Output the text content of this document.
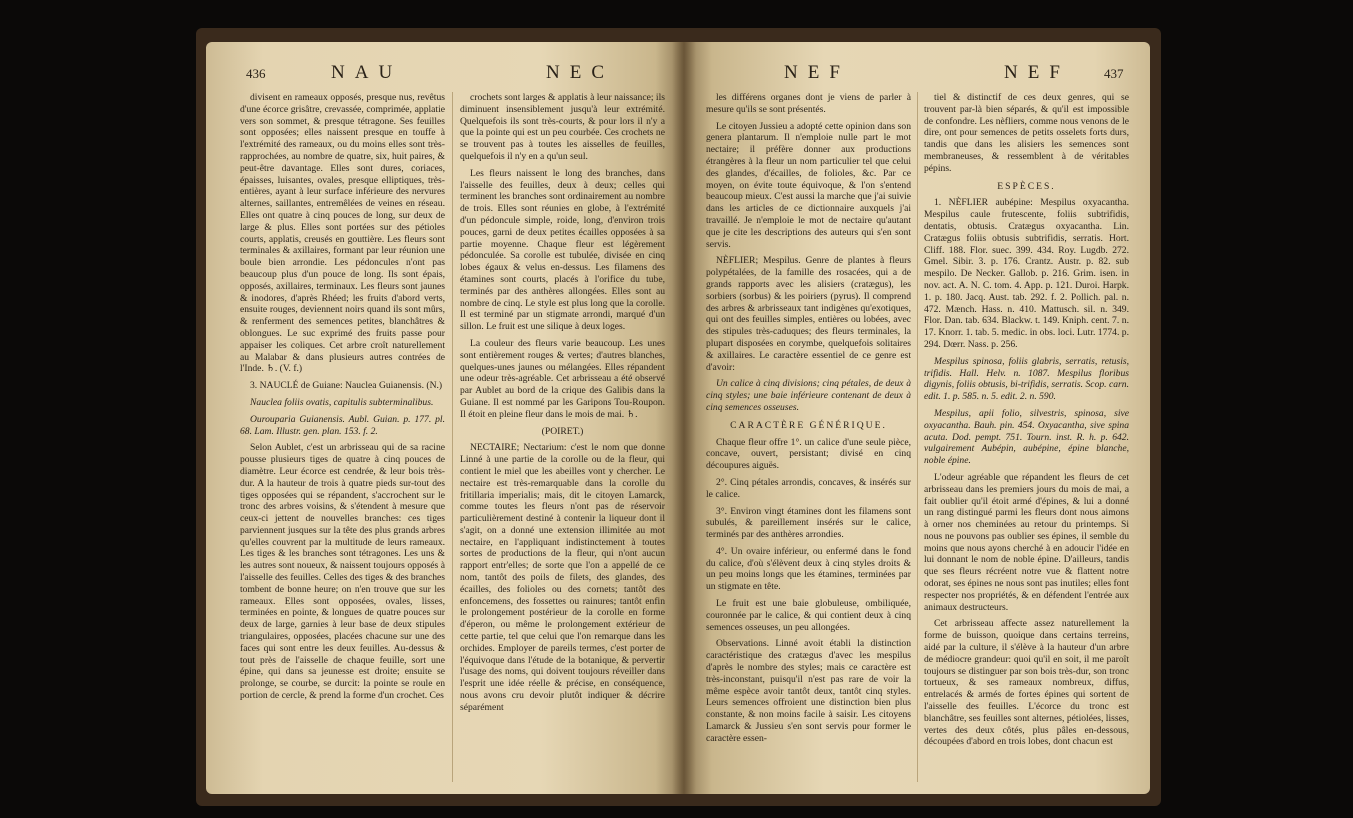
436	NAU	NEC

divisent en rameaux opposés, presque nus, revêtus d'une écorce grisâtre, crevassée, comprimée, applatie vers son sommet, & presque tétragone. Ses feuilles sont opposées; elles naissent presque en touffe à l'extrémité des rameaux, ou du moins elles sont très-rapprochées, au nombre de quatre, six, huit paires, & peut-être davantage. Elles sont dures, coriaces, épaisses, luisantes, ovales, presque elliptiques, très-entières, ayant à leur surface inférieure des nervures alternes, saillantes, entremêlées de veines en réseau. Elles ont quatre à cinq pouces de long, sur deux de large & plus. Elles sont portées sur des pétioles courts, applatis, creusés en gouttière. Les fleurs sont terminales & axillaires, formant par leur réunion une boule bien arrondie. Les pédoncules n'ont pas beaucoup plus d'un pouce de long. Ils sont épais, opposés, axillaires, terminaux. Les fleurs sont jaunes & inodores, d'après Rhéed; les fruits d'abord verts, ensuite rouges, deviennent noirs quand ils sont mûrs, & renferment des semences petites, blanchâtres & oblongues. Le suc exprimé des fruits passe pour appaiser les coliques. Cet arbre croît naturellement au Malabar & dans plusieurs autres contrées de l'Inde. ♄. (V. f.)

3. NAUCLÉ de Guiane: Nauclea Guianensis. (N.)

Nauclea foliis ovatis, capitulis subterminalibus.

Ourouparia Guianensis. Aubl. Guian. p. 177. pl. 68. Lam. Illustr. gen. plan. 153. f. 2.

Selon Aublet, c'est un arbrisseau qui de sa racine pousse plusieurs tiges de quatre à cinq pouces de diamètre. Leur écorce est cendrée, & leur bois très-dur. A la hauteur de trois à quatre pieds sur-tout des tiges opposées qui se répandent, s'accrochent sur le tronc des arbres voisins, & s'étendent à mesure que ceux-ci jettent de nouvelles branches: ces tiges parviennent jusques sur la tête des plus grands arbres qu'elles couvrent par la multitude de leurs rameaux. Les tiges & les branches sont tétragones. Les uns & les autres sont noueux, & naissent toujours opposés à l'aisselle des feuilles. Celles des tiges & des branches tombent de bonne heure; on n'en trouve que sur les rameaux. Elles sont opposées, ovales, lisses, terminées en pointe, & longues de quatre pouces sur deux de large, garnies à leur base de deux stipules triangulaires, opposées, placées chacune sur une des faces qui sont entre les deux feuilles. Au-dessus & tout près de l'aisselle de chaque feuille, sort une épine, qui dans sa jeunesse est droite; ensuite se prolonge, se courbe, se durcit: la pointe se roule en portion de cercle, & prend la forme d'un crochet. Ces

crochets sont larges & applatis à leur naissance; ils diminuent insensiblement jusqu'à leur extrémité. Quelquefois ils sont très-courts, & pour lors il n'y a que la pointe qui est un peu courbée. Ces crochets ne se trouvent pas à toutes les aisselles de feuilles, quelquefois il n'y en a qu'un seul.

Les fleurs naissent le long des branches, dans l'aisselle des feuilles, deux à deux; celles qui terminent les branches sont ordinairement au nombre de trois. Elles sont réunies en globe, à l'extrémité d'un pédoncule simple, roide, long, d'environ trois pouces, garni de deux petites écailles opposées à sa partie moyenne. Chaque fleur est légèrement pédonculée. Sa corolle est tubulée, divisée en cinq lobes égaux & velus en-dessus. Les filamens des étamines sont courts, placés à l'orifice du tube, terminés par des anthères allongées. Elles sont au nombre de cinq. Le style est plus long que la corolle. Il est terminé par un stigmate arrondi, marqué d'un sillon. Le fruit est une silique à deux loges.

La couleur des fleurs varie beaucoup. Les unes sont entièrement rouges & vertes; d'autres blanches, quelques-unes jaunes ou mélangées. Elles répandent une odeur très-agréable. Cet arbrisseau a été observé par Aublet au bord de la crique des Galibis dans la Guiane. Il est nommé par les Garipons Tou-Roupon. Il étoit en pleine fleur dans le mois de mai. ♄.

(POIRET.)

NECTAIRE; Nectarium: c'est le nom que donne Linné à une partie de la corolle ou de la fleur, qui contient le miel que les abeilles vont y chercher. Le nectaire est très-remarquable dans la corolle du fritillaria imperialis; mais, dit le citoyen Lamarck, comme toutes les fleurs n'ont pas de réservoir particulièrement destiné à contenir la liqueur dont il s'agit, on a donné une extension illimitée au mot nectaire, en l'appliquant indistinctement à toutes sortes de productions de la fleur, qui n'ont aucun rapport entr'elles; de sorte que l'on a appellé de ce nom, tantôt des poils de filets, des glandes, des écailles, des folioles ou des cornets; tantôt des enfoncemens, des fossettes ou rainures; tantôt enfin le prolongement postérieur de la corolle en forme d'éperon, ou même le prolongement extérieur de cette partie, tel que celui que l'on remarque dans les orchides. Employer de pareils termes, c'est porter de l'équivoque dans l'étude de la botanique, & pervertir l'usage des noms, qui doivent toujours réveiller dans l'esprit une idée réelle & précise, en conséquence, nous avons cru devoir plutôt indiquer & décrire séparément

NEF	NEF	437

les différens organes dont je viens de parler à mesure qu'ils se sont présentés.

Le citoyen Jussieu a adopté cette opinion dans son genera plantarum. Il n'emploie nulle part le mot nectaire; il préfère donner aux productions étrangères à la fleur un nom particulier tel que celui des glandes, d'écailles, de folioles, &c. Par ce moyen, on évite toute équivoque, & l'on s'entend beaucoup mieux. C'est aussi la marche que j'ai suivie dans les articles de ce dictionnaire auxquels j'ai travaillé. Je n'emploie le mot de nectaire qu'autant que je cite les descriptions des auteurs qui s'en sont servis.

NÈFLIER; Mespilus. Genre de plantes à fleurs polypétalées, de la famille des rosacées, qui a de grands rapports avec les alisiers (cratægus), les sorbiers (sorbus) & les poiriers (pyrus). Il comprend des arbres & arbrisseaux tant indigènes qu'exotiques, qui ont des feuilles simples, entières ou lobées, avec des stipules très-caduques; des fleurs terminales, la plupart disposées en corymbe, quelquefois solitaires & axillaires. Le caractère essentiel de ce genre est d'avoir:

Un calice à cinq divisions; cinq pétales, de deux à cinq styles; une baie inférieure contenant de deux à cinq semences osseuses.

CARACTÈRE GÉNÉRIQUE.

Chaque fleur offre 1°. un calice d'une seule pièce, concave, ouvert, persistant; divisé en cinq découpures aiguës.

2°. Cinq pétales arrondis, concaves, & insérés sur le calice.

3°. Environ vingt étamines dont les filamens sont subulés, & pareillement insérés sur le calice, terminés par des anthères arrondies.

4°. Un ovaire inférieur, ou enfermé dans le fond du calice, d'où s'élèvent deux à cinq styles droits & un peu moins longs que les étamines, terminées par un stigmate en tête.

Le fruit est une baie globuleuse, ombiliquée, couronnée par le calice, & qui contient deux à cinq semences osseuses, un peu allongées.

Observations. Linné avoit établi la distinction caractéristique des cratægus d'avec les mespilus d'après le nombre des styles; mais ce caractère est très-inconstant, puisqu'il n'est pas rare de voir la même espèce avoir tantôt deux, tantôt cinq styles. Leurs semences offroient une distinction bien plus constante, & non moins facile à saisir. Les citoyens Lamarck & Jussieu s'en sont servis pour former le caractère essen-

tiel & distinctif de ces deux genres, qui se trouvent par-là bien séparés, & qu'il est impossible de confondre. Les nèfliers, comme nous venons de le dire, ont pour semences de petits osselets forts durs, tandis que dans les alisiers les semences sont membraneuses, & ressemblent à de véritables pépins.

ESPÈCES.

1. NÈFLIER aubépine: Mespilus oxyacantha. Mespilus caule frutescente, foliis subtrifidis, dentatis, obtusis. Cratægus oxyacantha. Lin. Cratægus foliis obtusis subtrifidis, serratis. Hort. Cliff. 188. Flor. suec. 399. 434. Roy. Lugdb. 272. Gmel. Sibir. 3. p. 176. Crantz. Austr. p. 82. sub mespilo. De Necker. Gallob. p. 216. Grim. isen. in nov. act. A. N. C. tom. 4. App. p. 121. Duroi. Harpk. 1. p. 180. Jacq. Aust. tab. 292. f. 2. Pollich. pal. n. 472. Mænch. Hass. n. 410. Mattusch. sil. n. 349. Flor. Dan. tab. 634. Blackw. t. 149. Kniph. cent. 7. n. 17. Knorr. 1. tab. 5. medic. in obs. loci. Lutr. 1774. p. 294. Dœrr. Nass. p. 256.

Mespilus spinosa, foliis glabris, serratis, retusis, trifidis. Hall. Helv. n. 1087. Mespilus floribus digynis, foliis obtusis, bi-trifidis, serratis. Scop. carn. edit. 1. p. 585. n. 5. edit. 2. n. 590.

Mespilus, apii folio, silvestris, spinosa, sive oxyacantha. Bauh. pin. 454. Oxyacantha, sive spina acuta. Dod. pempt. 751. Tourn. inst. R. h. p. 642. vulgairement Aubépin, aubépine, épine blanche, noble épine.

L'odeur agréable que répandent les fleurs de cet arbrisseau dans les premiers jours du mois de mai, a fait oublier qu'il étoit armé d'épines, & lui a donné un rang distingué parmi les fleurs dont nous aimons à orner nos cheminées au retour du printemps. Si nous ne pouvons pas oublier ses épines, il semble du moins que nous ayons cherché à en adoucir l'idée en lui donnant le nom de noble épine. D'ailleurs, tandis que ses fleurs récréent notre vue & flattent notre odorat, ses épines ne nous sont pas inutiles; elles font respecter nos propriétés, & en défendent l'entrée aux animaux destructeurs.

Cet arbrisseau affecte assez naturellement la forme de buisson, quoique dans certains terreins, aidé par la culture, il s'élève à la hauteur d'un arbre de médiocre grandeur: quoi qu'il en soit, il me paroît toujours se distinguer par son bois très-dur, son tronc tortueux, & ses rameaux nombreux, diffus, entrelacés & armés de fortes épines qui sortent de l'aisselle des feuilles. L'écorce du tronc est blanchâtre, ses feuilles sont alternes, pétiolées, lisses, vertes des deux côtés, plus pâles en-dessous, découpées d'abord en trois lobes, dont chacun est
